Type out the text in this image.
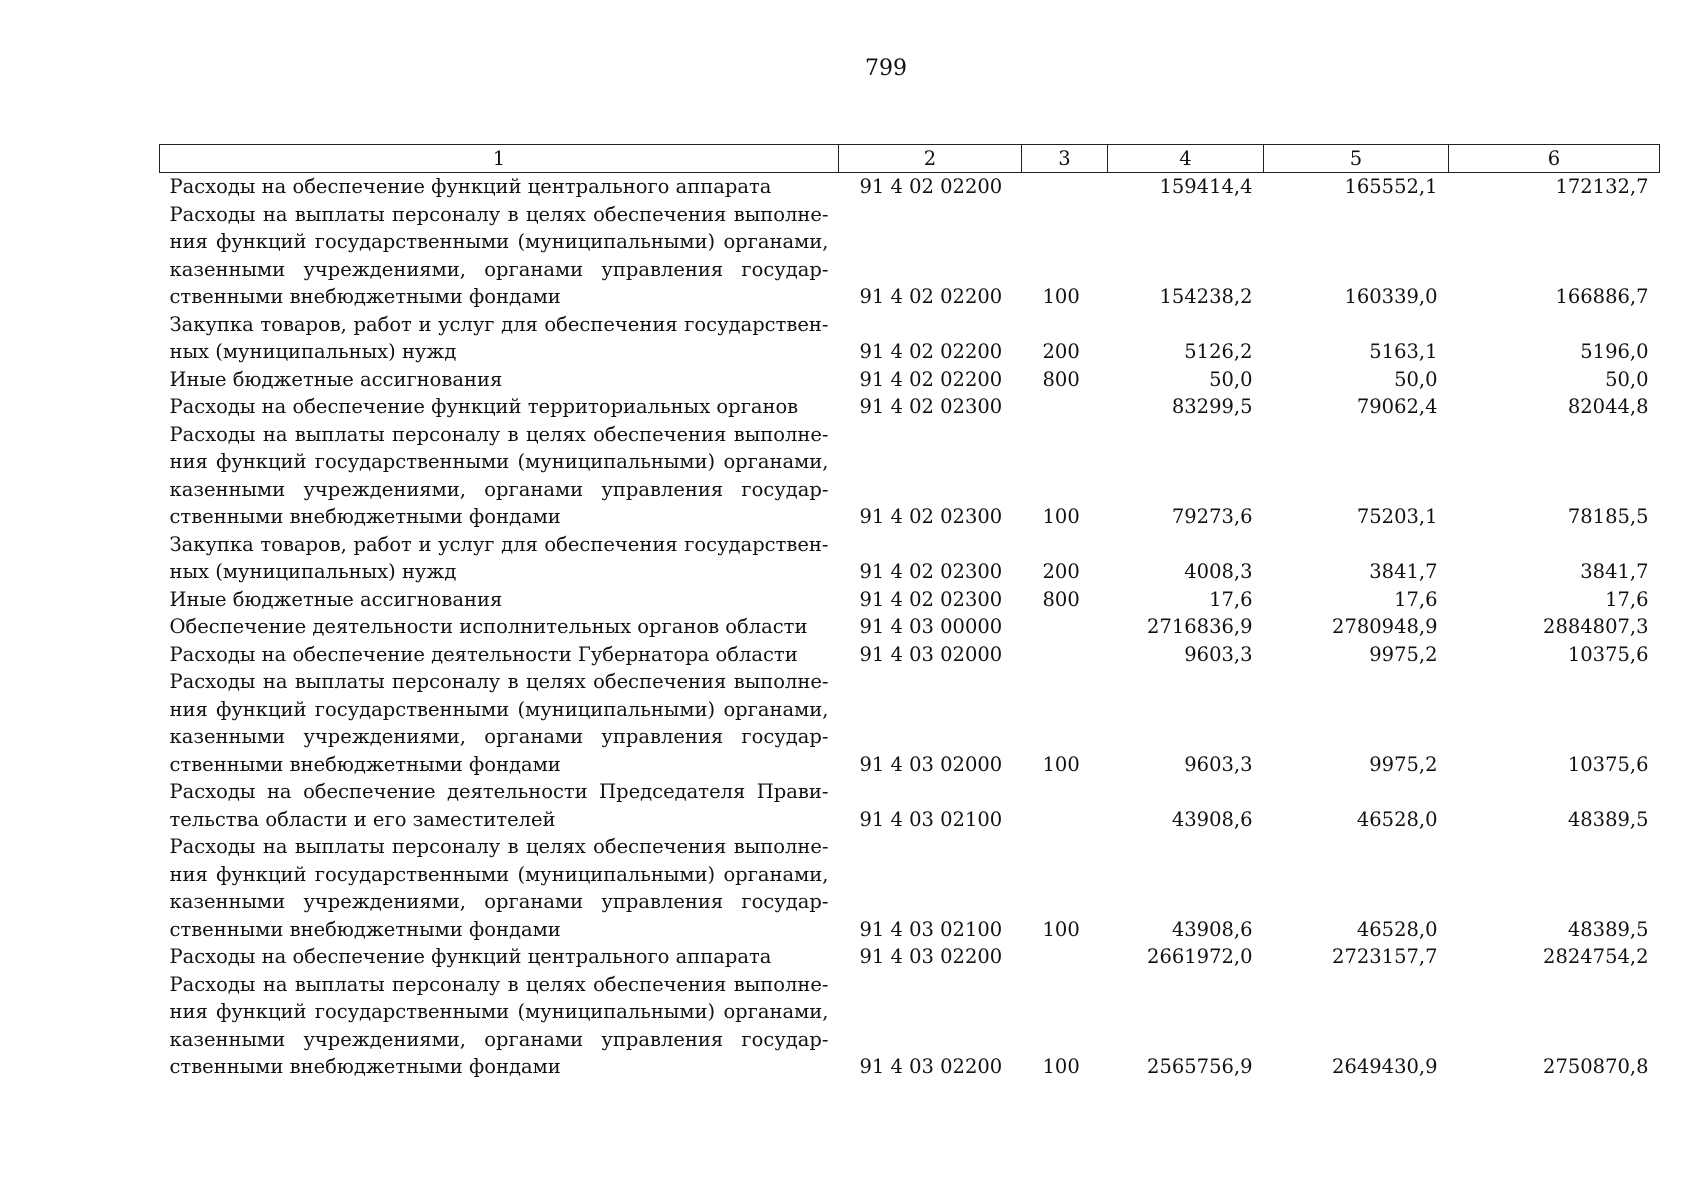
799
1	2	3	4	5	6
Расходы на обеспечение функций центрального аппарата	91 4 02 02200		159414,4	165552,1	172132,7
Расходы на выплаты персоналу в целях обеспечения выполнения функций государственными (муниципальными) органами, казенными учреждениями, органами управления государственными внебюджетными фондами	91 4 02 02200	100	154238,2	160339,0	166886,7
Закупка товаров, работ и услуг для обеспечения государственных (муниципальных) нужд	91 4 02 02200	200	5126,2	5163,1	5196,0
Иные бюджетные ассигнования	91 4 02 02200	800	50,0	50,0	50,0
Расходы на обеспечение функций территориальных органов	91 4 02 02300		83299,5	79062,4	82044,8
Расходы на выплаты персоналу в целях обеспечения выполнения функций государственными (муниципальными) органами, казенными учреждениями, органами управления государственными внебюджетными фондами	91 4 02 02300	100	79273,6	75203,1	78185,5
Закупка товаров, работ и услуг для обеспечения государственных (муниципальных) нужд	91 4 02 02300	200	4008,3	3841,7	3841,7
Иные бюджетные ассигнования	91 4 02 02300	800	17,6	17,6	17,6
Обеспечение деятельности исполнительных органов области	91 4 03 00000		2716836,9	2780948,9	2884807,3
Расходы на обеспечение деятельности Губернатора области	91 4 03 02000		9603,3	9975,2	10375,6
Расходы на выплаты персоналу в целях обеспечения выполнения функций государственными (муниципальными) органами, казенными учреждениями, органами управления государственными внебюджетными фондами	91 4 03 02000	100	9603,3	9975,2	10375,6
Расходы на обеспечение деятельности Председателя Правительства области и его заместителей	91 4 03 02100		43908,6	46528,0	48389,5
Расходы на выплаты персоналу в целях обеспечения выполнения функций государственными (муниципальными) органами, казенными учреждениями, органами управления государственными внебюджетными фондами	91 4 03 02100	100	43908,6	46528,0	48389,5
Расходы на обеспечение функций центрального аппарата	91 4 03 02200		2661972,0	2723157,7	2824754,2
Расходы на выплаты персоналу в целях обеспечения выполнения функций государственными (муниципальными) органами, казенными учреждениями, органами управления государственными внебюджетными фондами	91 4 03 02200	100	2565756,9	2649430,9	2750870,8
